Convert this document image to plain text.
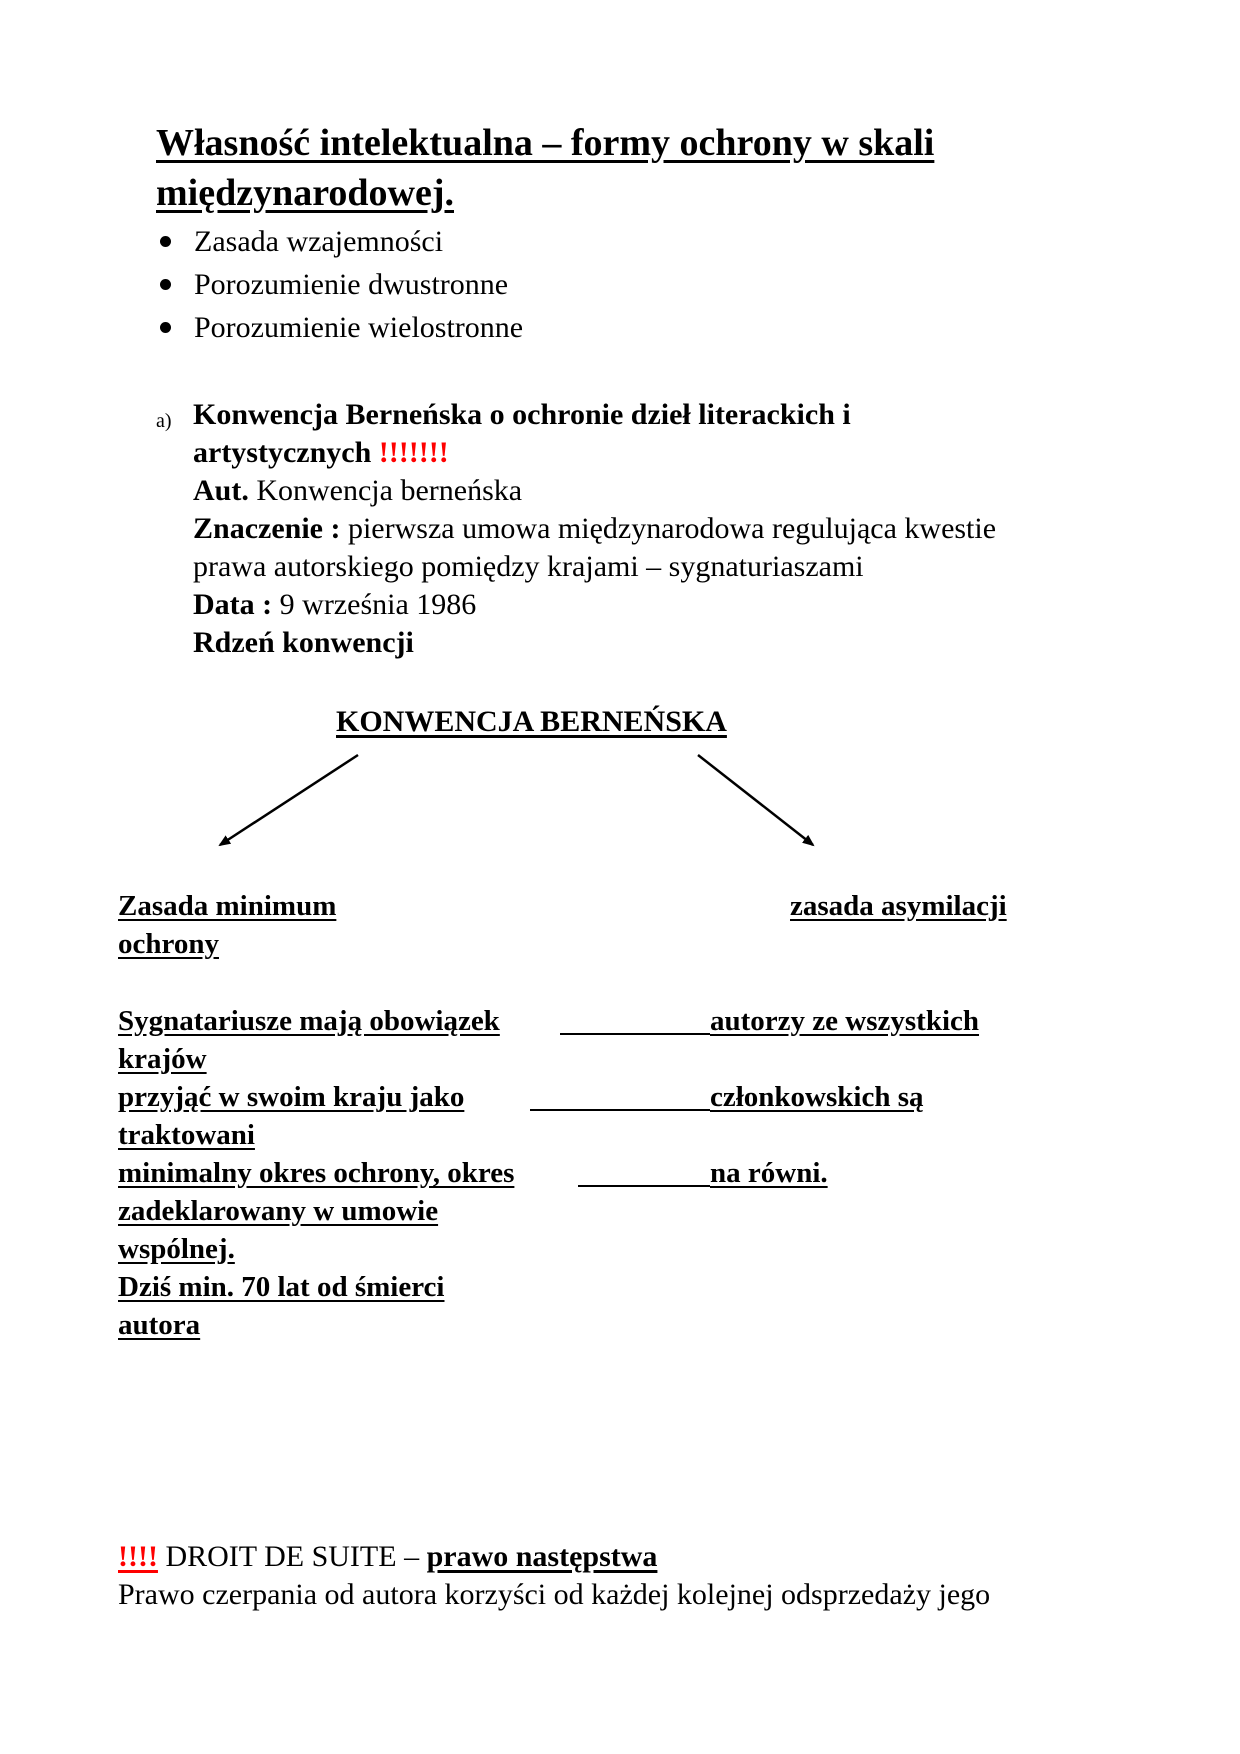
Własność intelektualna – formy ochrony w skali
międzynarodowej.
Zasada wzajemności
Porozumienie dwustronne
Porozumienie wielostronne
a) Konwencja Berneńska o ochronie dzieł literackich i
artystycznych !!!!!!!
Aut. Konwencja berneńska
Znaczenie : pierwsza umowa międzynarodowa regulująca kwestie
prawa autorskiego pomiędzy krajami – sygnaturiaszami
Data : 9 września 1986
Rdzeń konwencji
KONWENCJA BERNEŃSKA
Zasada minimum
ochrony
zasada asymilacji
Sygnatariusze mają obowiązek
krajów
przyjąć w swoim kraju jako
traktowani
minimalny okres ochrony, okres
zadeklarowany w umowie
wspólnej.
Dziś min. 70 lat od śmierci
autora
autorzy ze wszystkich
członkowskich są
na równi.
!!!! DROIT DE SUITE – prawo następstwa
Prawo czerpania od autora korzyści od każdej kolejnej odsprzedaży jego
